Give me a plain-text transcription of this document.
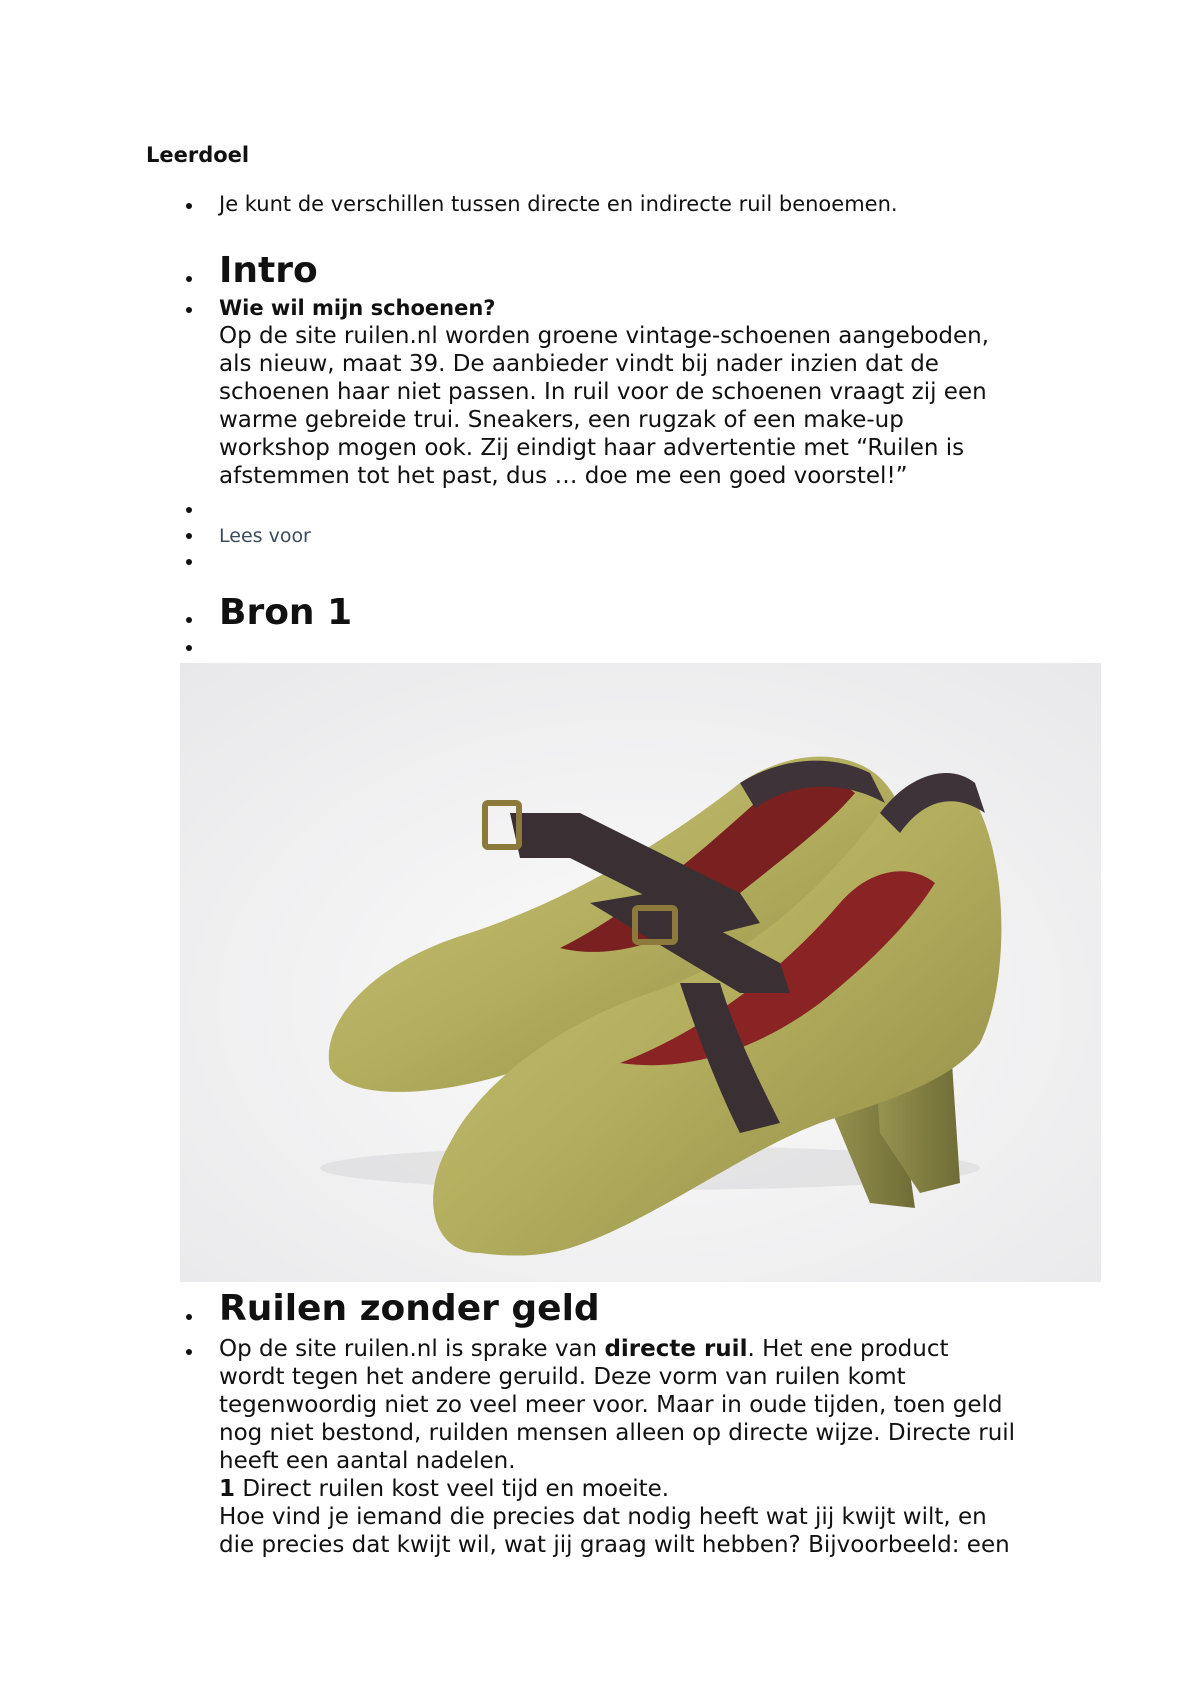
Leerdoel
Je kunt de verschillen tussen directe en indirecte ruil benoemen.
Intro
Wie wil mijn schoenen?

Op de site ruilen.nl worden groene vintage-schoenen aangeboden,

als nieuw, maat 39. De aanbieder vindt bij nader inzien dat de

schoenen haar niet passen. In ruil voor de schoenen vraagt zij een

warme gebreide trui. Sneakers, een rugzak of een make-up

workshop mogen ook. Zij eindigt haar advertentie met “Ruilen is

afstemmen tot het past, dus … doe me een goed voorstel!”

Lees voor
Bron 1
Ruilen zonder geld

Op de site ruilen.nl is sprake van directe ruil. Het ene product

wordt tegen het andere geruild. Deze vorm van ruilen komt

tegenwoordig niet zo veel meer voor. Maar in oude tijden, toen geld

nog niet bestond, ruilden mensen alleen op directe wijze. Directe ruil

heeft een aantal nadelen.

1 Direct ruilen kost veel tijd en moeite.

Hoe vind je iemand die precies dat nodig heeft wat jij kwijt wilt, en

die precies dat kwijt wil, wat jij graag wilt hebben? Bijvoorbeeld: een
